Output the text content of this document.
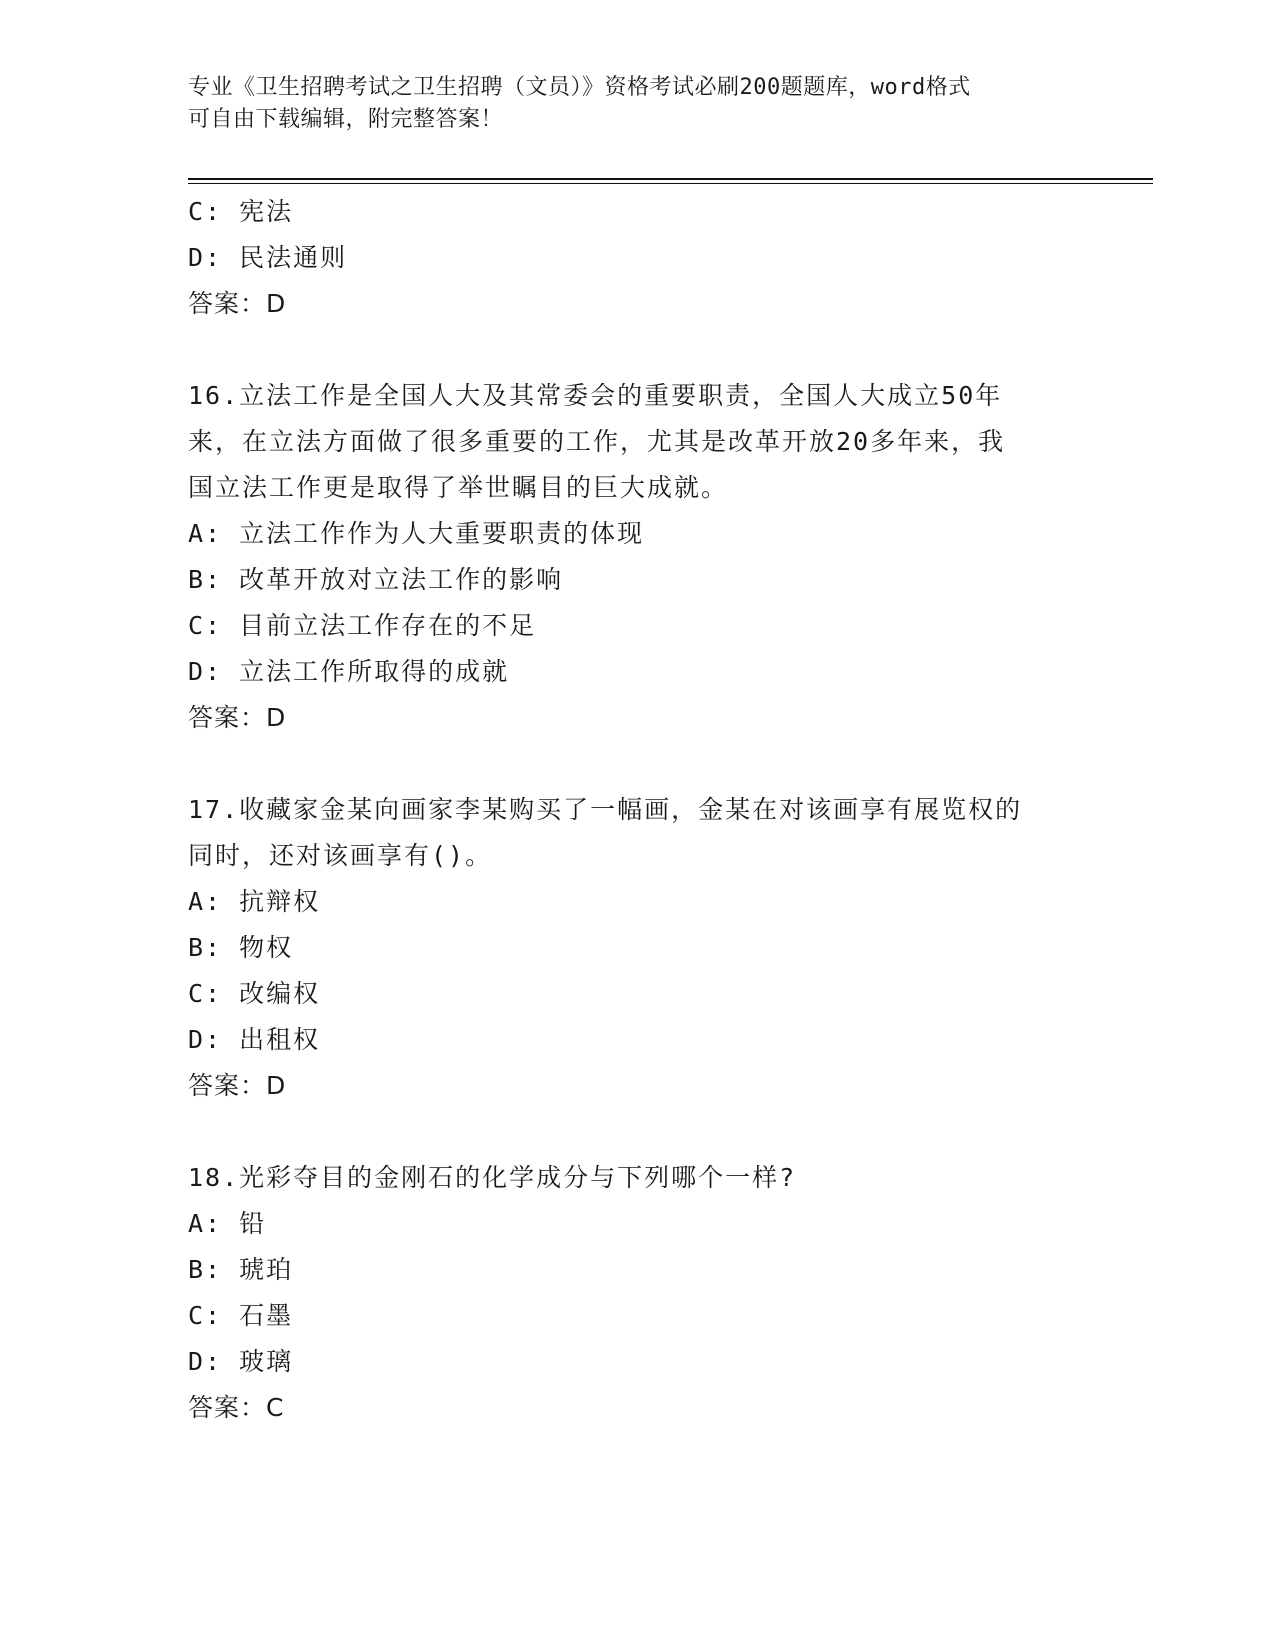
专业《卫生招聘考试之卫生招聘（文员）》资格考试必刷200题题库，word格式
可自由下载编辑，附完整答案！
C: 宪法
D: 民法通则
答案：D
16.立法工作是全国人大及其常委会的重要职责，全国人大成立50年
来，在立法方面做了很多重要的工作，尤其是改革开放20多年来，我
国立法工作更是取得了举世瞩目的巨大成就。
A: 立法工作作为人大重要职责的体现
B: 改革开放对立法工作的影响
C: 目前立法工作存在的不足
D: 立法工作所取得的成就
答案：D
17.收藏家金某向画家李某购买了一幅画，金某在对该画享有展览权的
同时，还对该画享有()。
A: 抗辩权
B: 物权
C: 改编权
D: 出租权
答案：D
18.光彩夺目的金刚石的化学成分与下列哪个一样?
A: 铅
B: 琥珀
C: 石墨
D: 玻璃
答案：C
